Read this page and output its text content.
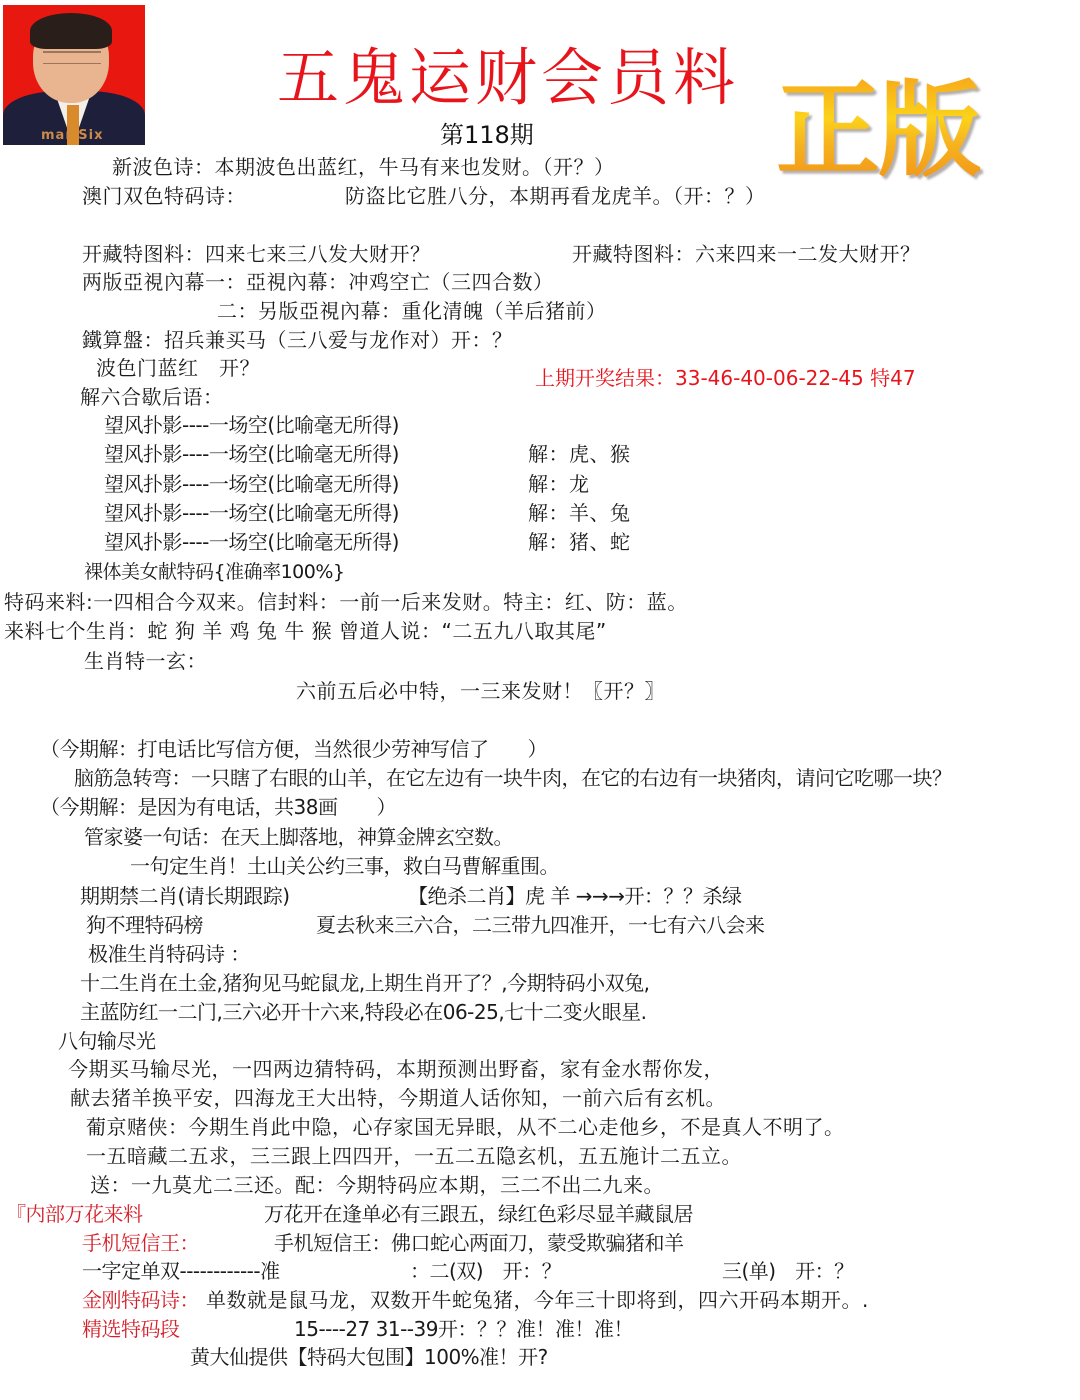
mar Six
五鬼运财会员料
第118期 正版
新波色诗：本期波色出蓝红，牛马有来也发财。（开？）
澳门双色特码诗：	防盗比它胜八分，本期再看龙虎羊。（开：？）
开藏特图料：四来七来三八发大财开？	开藏特图料：六来四来一二发大财开？
两版亞視內幕一：亞視內幕：冲鸡空亡（三四合数）
二：另版亞視內幕：重化清魄（羊后猪前）
鐵算盤：招兵兼买马（三八爱与龙作对）开：？
波色门蓝红　开？	上期开奖结果：33-46-40-06-22-45 特47
解六合歇后语：
望风扑影----一场空(比喻毫无所得)
望风扑影----一场空(比喻毫无所得)	解：虎、猴
望风扑影----一场空(比喻毫无所得)	解：龙
望风扑影----一场空(比喻毫无所得)	解：羊、兔
望风扑影----一场空(比喻毫无所得)	解：猪、蛇
裸体美女献特码{准确率100%}
特码来料:一四相合今双来。信封料：一前一后来发财。特主：红、防：蓝。
来料七个生肖：蛇 狗 羊 鸡 兔 牛 猴 曾道人说：“二五九八取其尾”
生肖特一玄：
六前五后必中特，一三来发财！〖开？〗
（今期解：打电话比写信方便，当然很少劳神写信了　　）
脑筋急转弯：一只瞎了右眼的山羊，在它左边有一块牛肉，在它的右边有一块猪肉，请问它吃哪一块？
（今期解：是因为有电话，共38画　　）
管家婆一句话：在天上脚落地，神算金牌玄空数。
一句定生肖！土山关公约三事，救白马曹解重围。
期期禁二肖(请长期跟踪)	【绝杀二肖】虎 羊 →→→开：？？杀绿
狗不理特码榜	夏去秋来三六合，二三带九四准开，一七有六八会来
极准生肖特码诗 ：
十二生肖在土金,猪狗见马蛇鼠龙,上期生肖开了？,今期特码小双兔,
主蓝防红一二门,三六必开十六来,特段必在06-25,七十二变火眼星.
八句输尽光
今期买马输尽光，一四两边猜特码，本期预测出野畜，家有金水帮你发，
献去猪羊换平安，四海龙王大出特，今期道人话你知，一前六后有玄机。
葡京赌侠：今期生肖此中隐，心存家国无异眼，从不二心走他乡，不是真人不明了。
一五暗藏二五求，三三跟上四四开，一五二五隐玄机，五五施计二五立。
送：一九莫尤二三还。配：今期特码应本期，三二不出二九来。
『内部万花来料	万花开在逢单必有三跟五，绿红色彩尽显羊藏鼠居
手机短信王：	手机短信王：佛口蛇心两面刀，蒙受欺骗猪和羊
一字定单双------------准	：二(双)　开：？	三(单)　开：？
金刚特码诗： 单数就是鼠马龙，双数开牛蛇兔猪，今年三十即将到，四六开码本期开。.
精选特码段	15----27 31--39开：？？准！准！准！
黄大仙提供【特码大包围】100%准！开?
